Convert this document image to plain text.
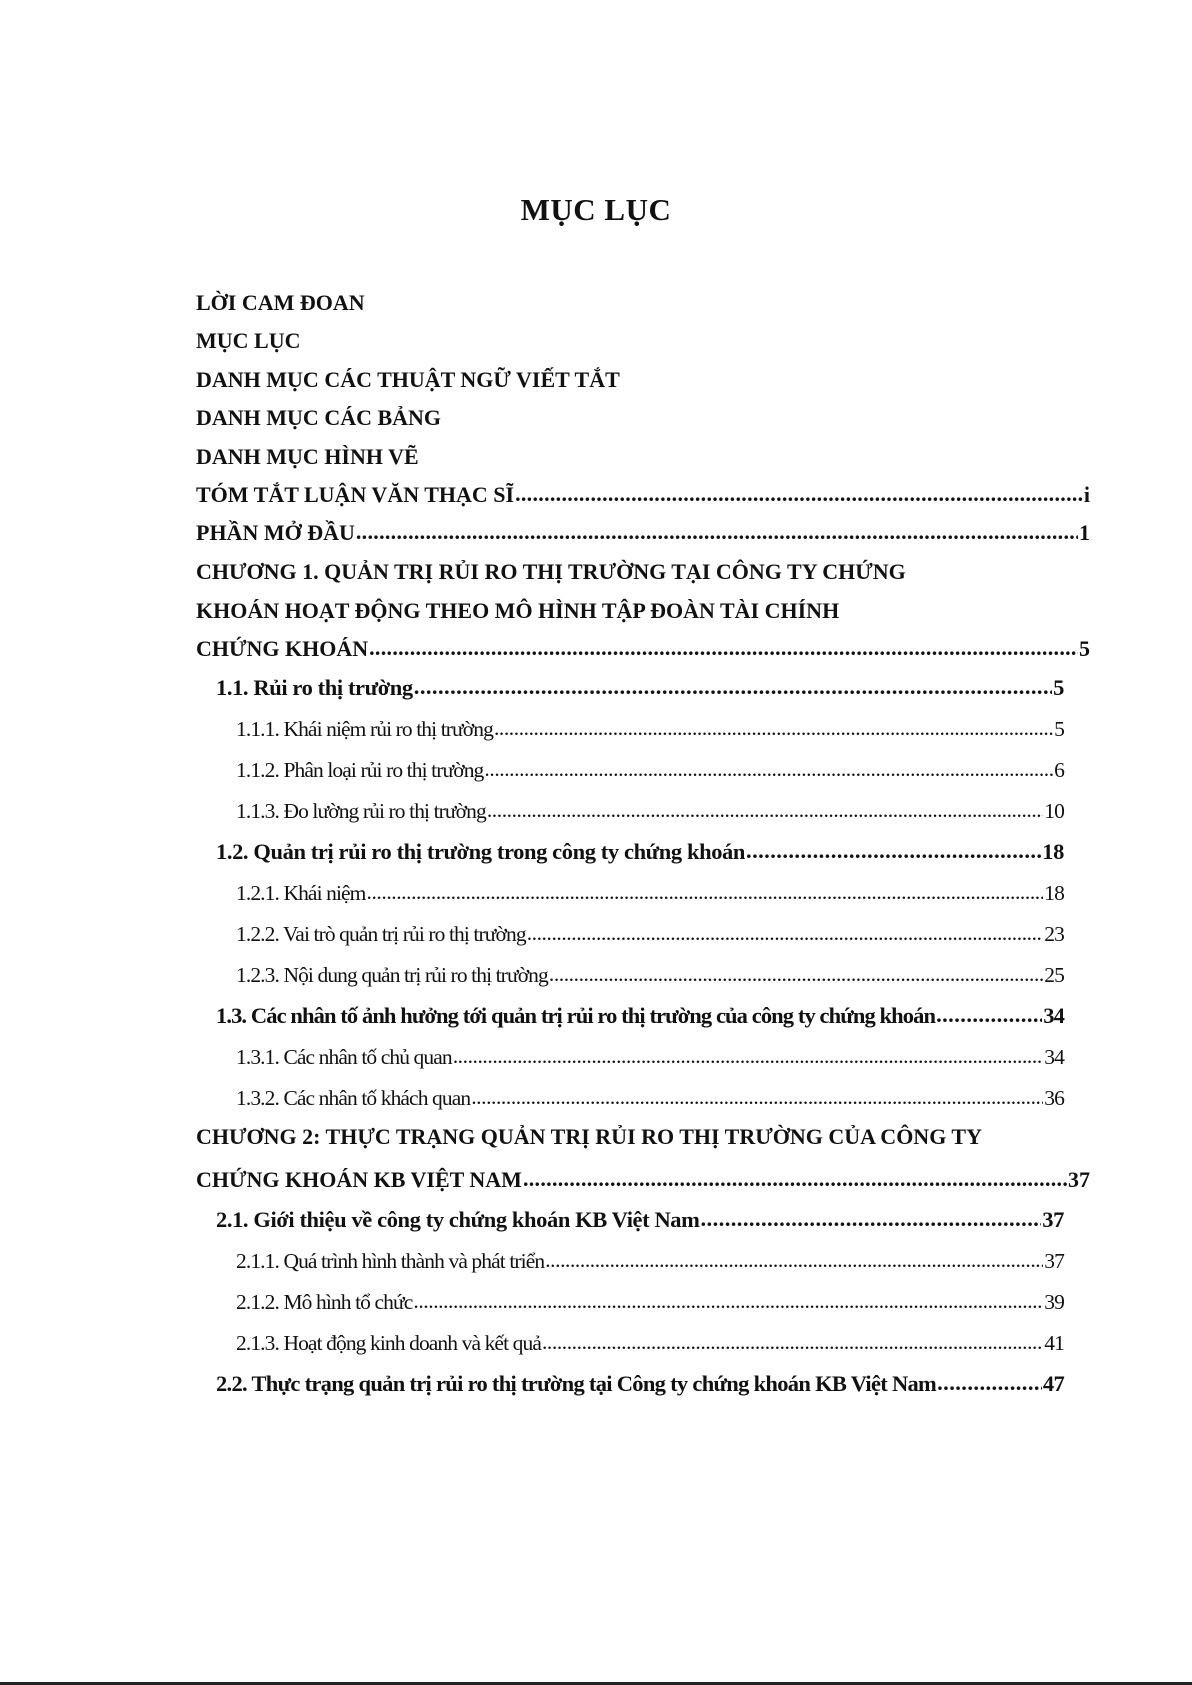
MỤC LỤC
LỜI CAM ĐOAN
MỤC LỤC
DANH MỤC CÁC THUẬT NGỮ VIẾT TẮT
DANH MỤC CÁC BẢNG
DANH MỤC HÌNH VẼ
TÓM TẮT LUẬN VĂN THẠC SĨ . . .	i
PHẦN MỞ ĐẦU . . .	1
CHƯƠNG 1. QUẢN TRỊ RỦI RO THỊ TRƯỜNG TẠI CÔNG TY CHỨNG
KHOÁN HOẠT ĐỘNG THEO MÔ HÌNH TẬP ĐOÀN TÀI CHÍNH
CHỨNG KHOÁN . . .	5
1.1. Rủi ro thị trường . . .	5
1.1.1. Khái niệm rủi ro thị trường . . .	5
1.1.2. Phân loại rủi ro thị trường . . .	6
1.1.3. Đo lường rủi ro thị trường . . .	10
1.2. Quản trị rủi ro thị trường trong công ty chứng khoán . . .	18
1.2.1. Khái niệm . . .	18
1.2.2. Vai trò quản trị rủi ro thị trường . . .	23
1.2.3. Nội dung quản trị rủi ro thị trường . . .	25
1.3. Các nhân tố ảnh hưởng tới quản trị rủi ro thị trường của công ty chứng khoán . . .	34
1.3.1. Các nhân tố chủ quan . . .	34
1.3.2. Các nhân tố khách quan . . .	36
CHƯƠNG 2: THỰC TRẠNG QUẢN TRỊ RỦI RO THỊ TRƯỜNG CỦA CÔNG TY
CHỨNG KHOÁN KB VIỆT NAM . . .	37
2.1. Giới thiệu về công ty chứng khoán KB Việt Nam . . .	37
2.1.1. Quá trình hình thành và phát triển . . .	37
2.1.2. Mô hình tổ chức . . .	39
2.1.3. Hoạt động kinh doanh và kết quả . . .	41
2.2. Thực trạng quản trị rủi ro thị trường tại Công ty chứng khoán KB Việt Nam . . .	47
